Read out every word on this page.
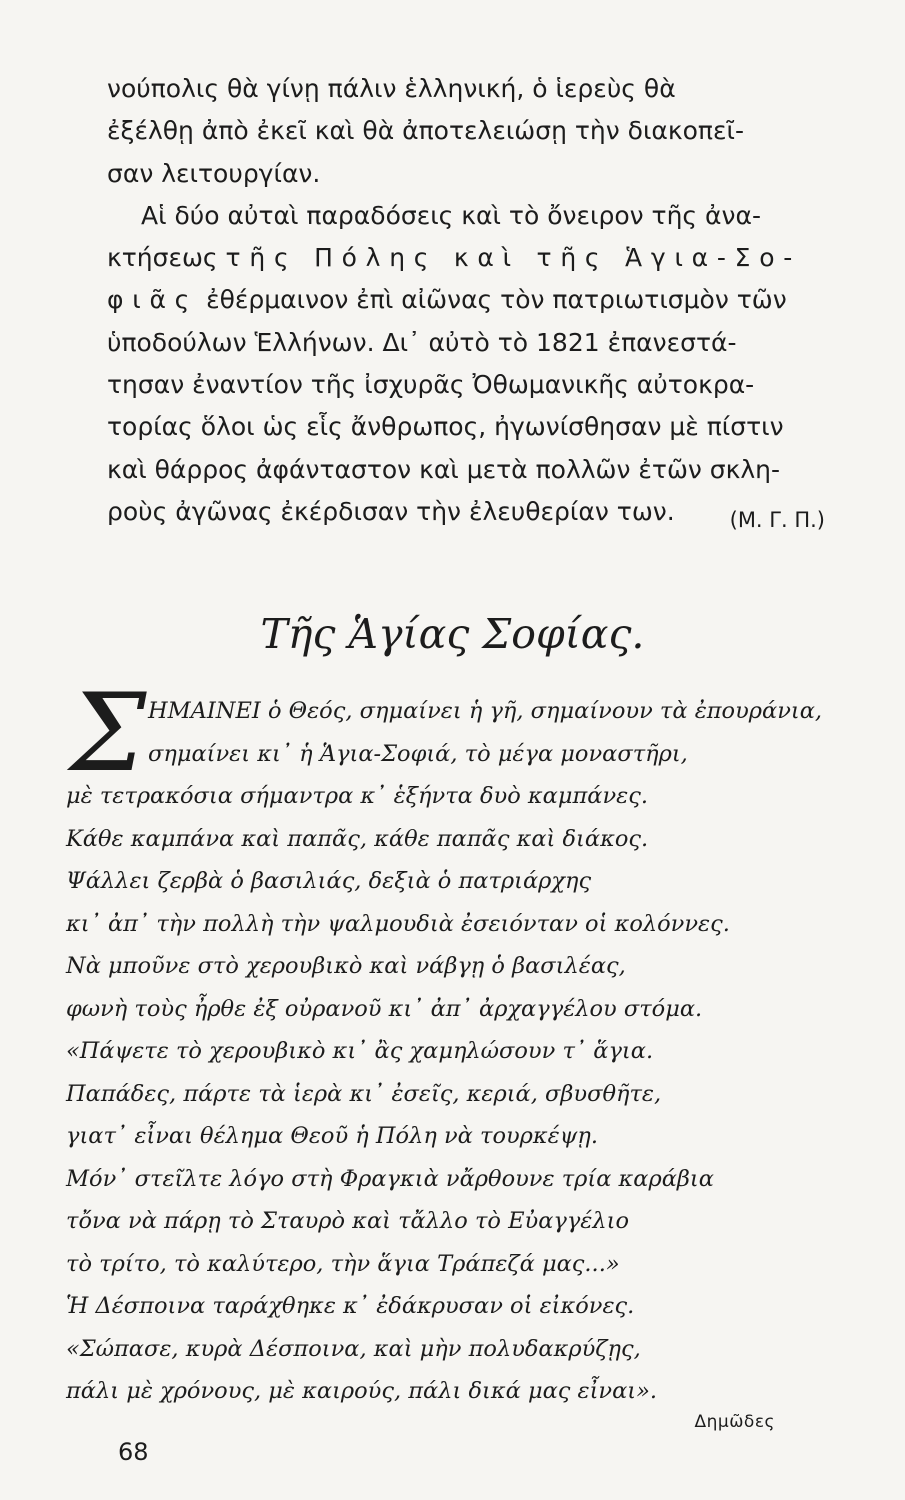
νούπολις θὰ γίνῃ πάλιν ἑλληνική, ὁ ἱερεὺς θὰ
ἐξέλθῃ ἀπὸ ἐκεῖ καὶ θὰ ἀποτελειώσῃ τὴν διακοπεῖ-
σαν λειτουργίαν.
Αἱ δύο αὐταὶ παραδόσεις καὶ τὸ ὄνειρον τῆς ἀνα-
κτήσεως τῆς Πόλης καὶ τῆς Ἁγια-Σο-
φιᾶς ἐθέρμαινον ἐπὶ αἰῶνας τὸν πατριωτισμὸν τῶν
ὑποδούλων Ἑλλήνων. Δι᾽ αὐτὸ τὸ 1821 ἐπανεστά-
τησαν ἐναντίον τῆς ἰσχυρᾶς Ὀθωμανικῆς αὐτοκρα-
τορίας ὅλοι ὡς εἷς ἄνθρωπος, ἠγωνίσθησαν μὲ πίστιν
καὶ θάρρος ἀφάνταστον καὶ μετὰ πολλῶν ἐτῶν σκλη-
ροὺς ἀγῶνας ἐκέρδισαν τὴν ἐλευθερίαν των.	(Μ. Γ. Π.)
Τῆς Ἁγίας Σοφίας.
Σ ΗΜΑΙΝΕΙ ὁ Θεός, σημαίνει ἡ γῆ, σημαίνουν τὰ ἐπουράνια,
σημαίνει κι᾽ ἡ Ἁγια-Σοφιά, τὸ μέγα μοναστῆρι,
μὲ τετρακόσια σήμαντρα κ᾽ ἑξήντα δυὸ καμπάνες.
Κάθε καμπάνα καὶ παπᾶς, κάθε παπᾶς καὶ διάκος.
Ψάλλει ζερβὰ ὁ βασιλιάς, δεξιὰ ὁ πατριάρχης
κι᾽ ἀπ᾽ τὴν πολλὴ τὴν ψαλμουδιὰ ἐσειόνταν οἱ κολόννες.
Νὰ μποῦνε στὸ χερουβικὸ καὶ νάβγῃ ὁ βασιλέας,
φωνὴ τοὺς ἦρθε ἐξ οὐρανοῦ κι᾽ ἀπ᾽ ἀρχαγγέλου στόμα.
«Πάψετε τὸ χερουβικὸ κι᾽ ἂς χαμηλώσουν τ᾽ ἅγια.
Παπάδες, πάρτε τὰ ἱερὰ κι᾽ ἐσεῖς, κεριά, σβυσθῆτε,
γιατ᾽ εἶναι θέλημα Θεοῦ ἡ Πόλη νὰ τουρκέψῃ.
Μόν᾽ στεῖλτε λόγο στὴ Φραγκιὰ νἄρθουνε τρία καράβια
τὄνα νὰ πάρῃ τὸ Σταυρὸ καὶ τἄλλο τὸ Εὐαγγέλιο
τὸ τρίτο, τὸ καλύτερο, τὴν ἅγια Τράπεζά μας...»
Ἡ Δέσποινα ταράχθηκε κ᾽ ἐδάκρυσαν οἱ εἰκόνες.
«Σώπασε, κυρὰ Δέσποινα, καὶ μὴν πολυδακρύζῃς,
πάλι μὲ χρόνους, μὲ καιρούς, πάλι δικά μας εἶναι».
Δημῶδες
68
